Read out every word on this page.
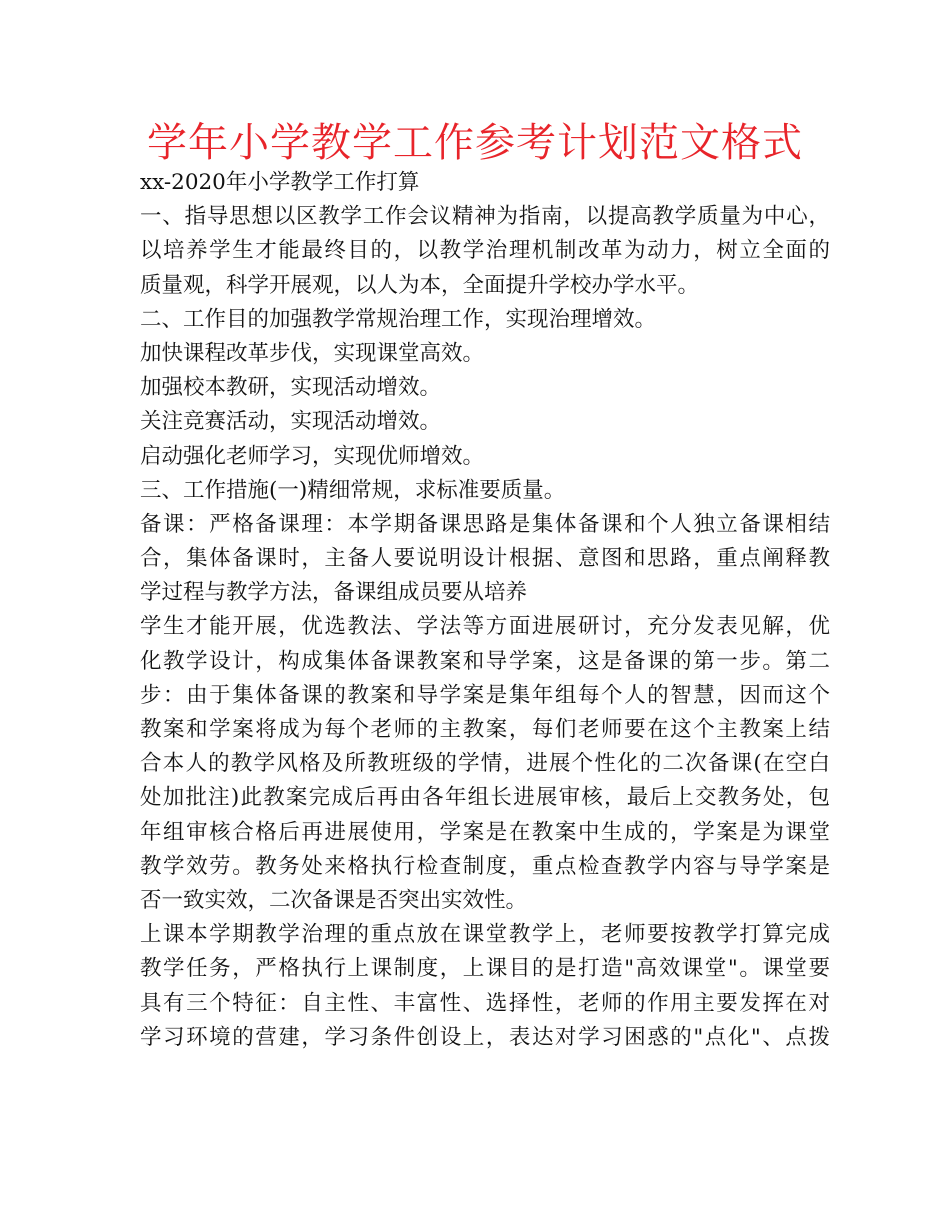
学年小学教学工作参考计划范文格式
xx-2020年小学教学工作打算
一、指导思想以区教学工作会议精神为指南，以提高教学质量为中心，
以培养学生才能最终目的，以教学治理机制改革为动力，树立全面的
质量观，科学开展观，以人为本，全面提升学校办学水平。
二、工作目的加强教学常规治理工作，实现治理增效。
加快课程改革步伐，实现课堂高效。
加强校本教研，实现活动增效。
关注竞赛活动，实现活动增效。
启动强化老师学习，实现优师增效。
三、工作措施(一)精细常规，求标准要质量。
备课：严格备课理：本学期备课思路是集体备课和个人独立备课相结
合，集体备课时，主备人要说明设计根据、意图和思路，重点阐释教
学过程与教学方法，备课组成员要从培养
学生才能开展，优选教法、学法等方面进展研讨，充分发表见解，优
化教学设计，构成集体备课教案和导学案，这是备课的第一步。第二
步：由于集体备课的教案和导学案是集年组每个人的智慧，因而这个
教案和学案将成为每个老师的主教案，每们老师要在这个主教案上结
合本人的教学风格及所教班级的学情，进展个性化的二次备课(在空白
处加批注)此教案完成后再由各年组长进展审核，最后上交教务处，包
年组审核合格后再进展使用，学案是在教案中生成的，学案是为课堂
教学效劳。教务处来格执行检查制度，重点检查教学内容与导学案是
否一致实效，二次备课是否突出实效性。
上课本学期教学治理的重点放在课堂教学上，老师要按教学打算完成
教学任务，严格执行上课制度，上课目的是打造"高效课堂"。课堂要
具有三个特征：自主性、丰富性、选择性，老师的作用主要发挥在对
学习环境的营建，学习条件创设上，表达对学习困惑的"点化"、点拨
